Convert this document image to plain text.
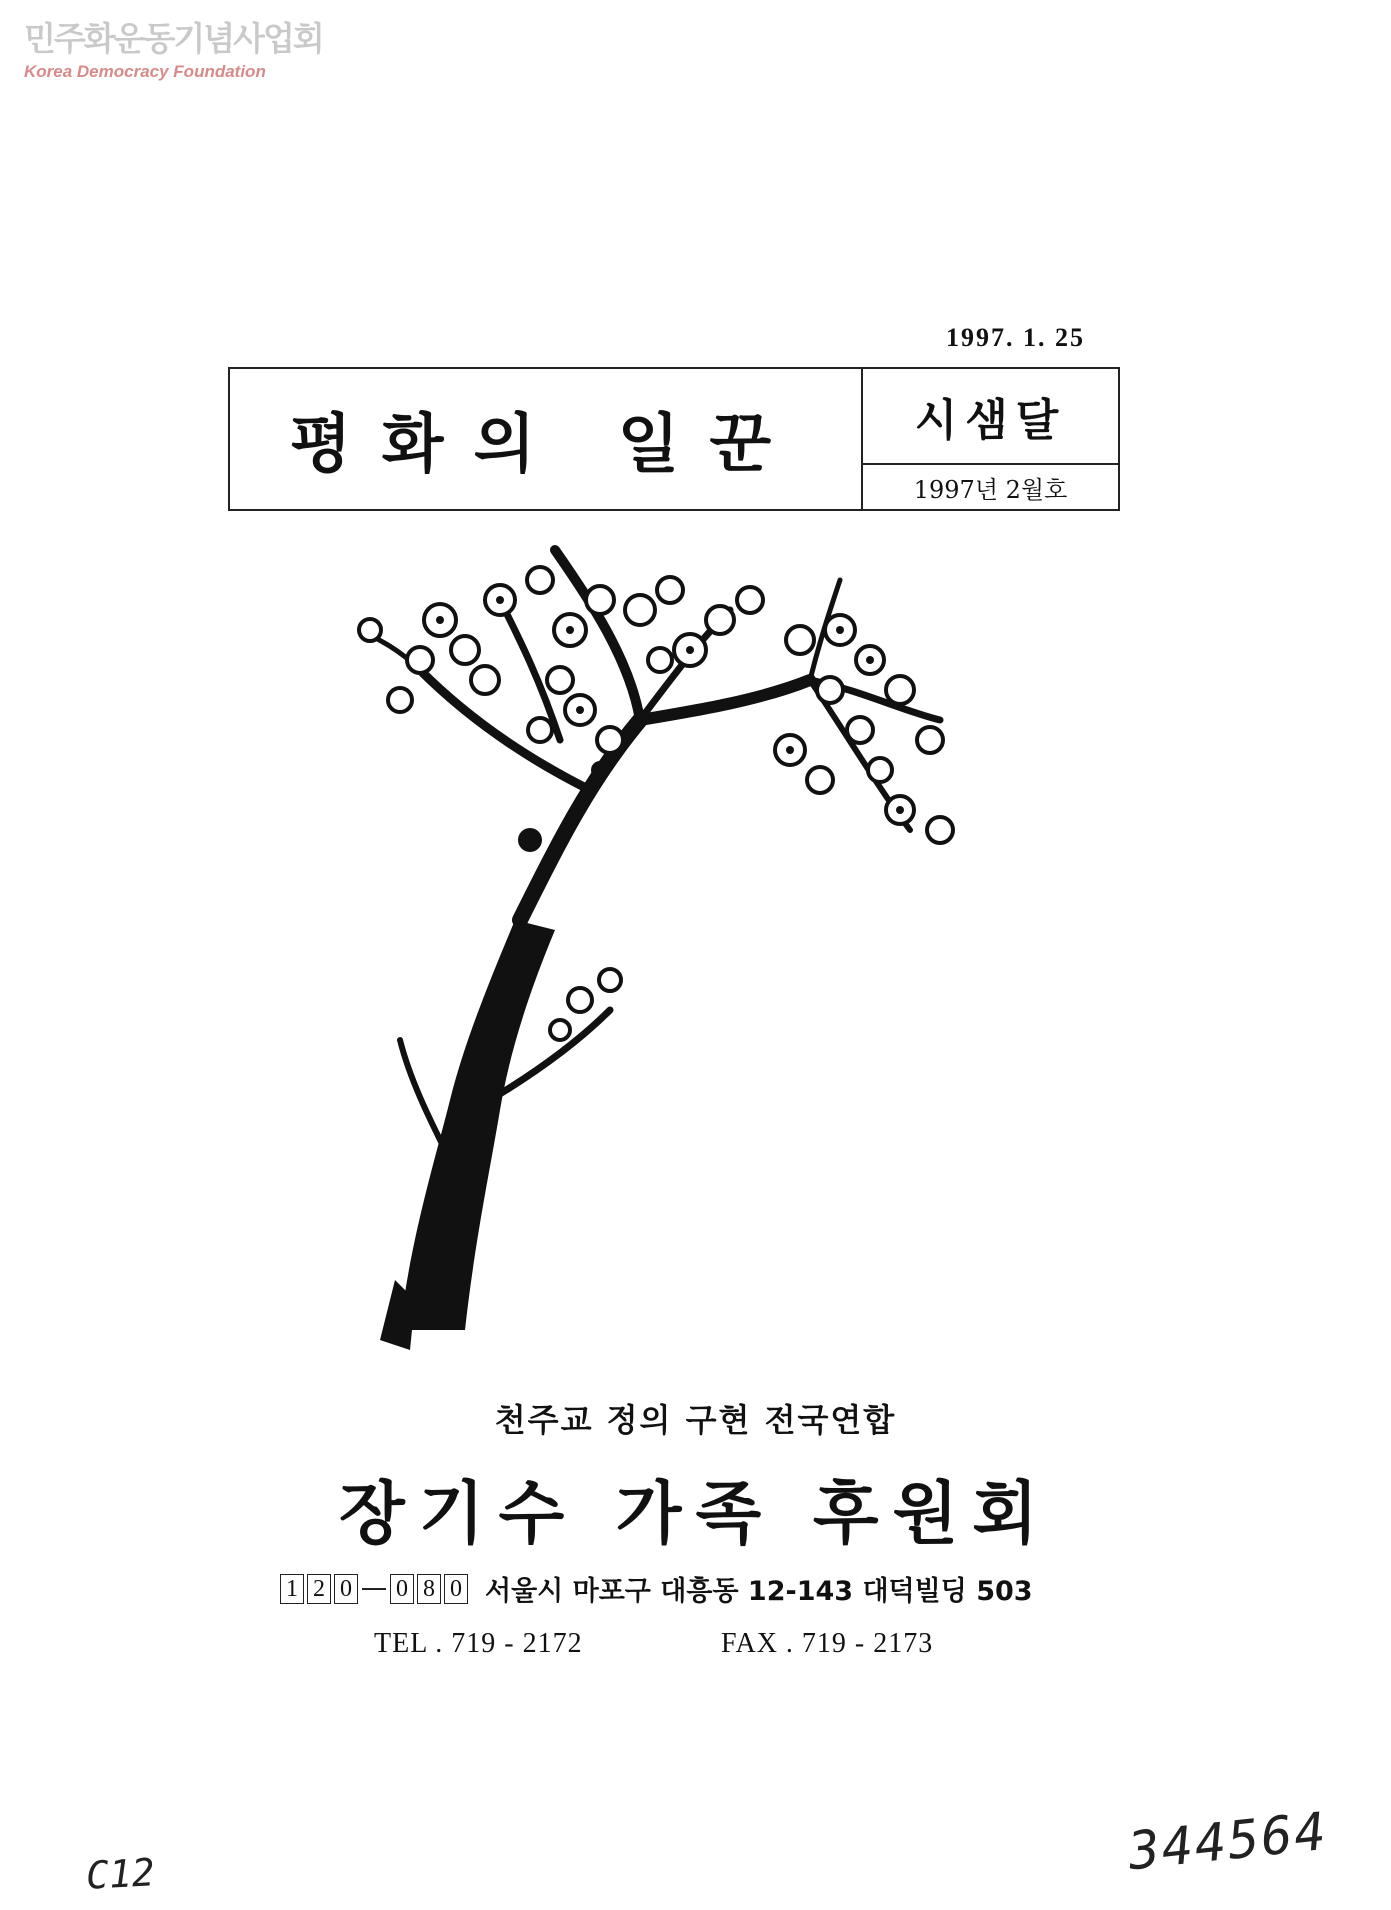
민주화운동기념사업회
Korea Democracy Foundation
1997. 1. 25
평화의 일꾼	시샘달
1997년 2월호
천주교 정의 구현 전국연합
장기수 가족 후원회
1 2 0 0 8 0 서울시 마포구 대흥동 12-143 대덕빌딩 503
TEL . 719 - 2172	FAX . 719 - 2173
344564
C12
